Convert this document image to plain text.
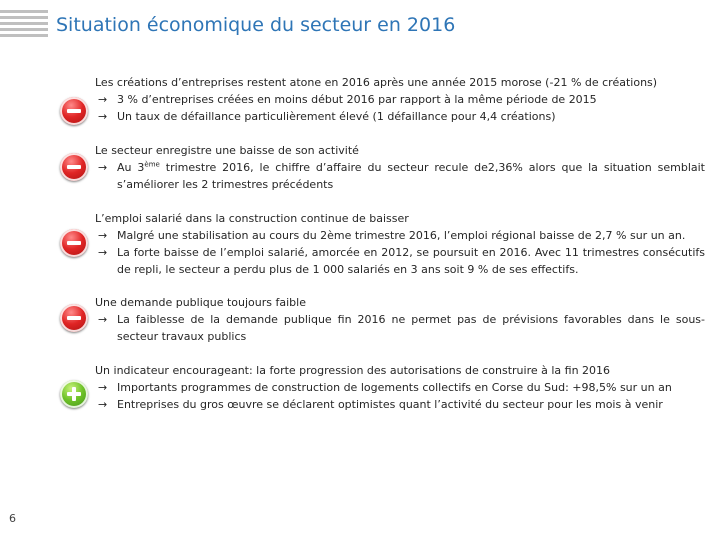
Situation économique du secteur en 2016
Les créations d’entreprises restent atone en 2016 après une année 2015 morose (-21 % de créations)
→ 3 % d’entreprises créées en moins début 2016 par rapport à la même période de 2015
→ Un taux de défaillance particulièrement élevé (1 défaillance pour 4,4 créations)
Le secteur enregistre une baisse de son activité
→ Au 3ème trimestre 2016, le chiffre d’affaire du secteur recule de2,36% alors que la situation semblait s’améliorer les 2 trimestres précédents
L’emploi salarié dans la construction continue de baisser
→ Malgré une stabilisation au cours du 2ème trimestre 2016, l’emploi régional baisse de 2,7 % sur un an.
→ La forte baisse de l’emploi salarié, amorcée en 2012, se poursuit en 2016. Avec 11 trimestres consécutifs de repli, le secteur a perdu plus de 1 000 salariés en 3 ans soit 9 % de ses effectifs.
Une demande publique toujours faible
→ La faiblesse de la demande publique fin 2016 ne permet pas de prévisions favorables dans le sous-secteur travaux publics
Un indicateur encourageant: la forte progression des autorisations de construire à la fin 2016
→ Importants programmes de construction de logements collectifs en Corse du Sud: +98,5% sur un an
→ Entreprises du gros œuvre se déclarent optimistes quant l’activité du secteur pour les mois à venir
6
